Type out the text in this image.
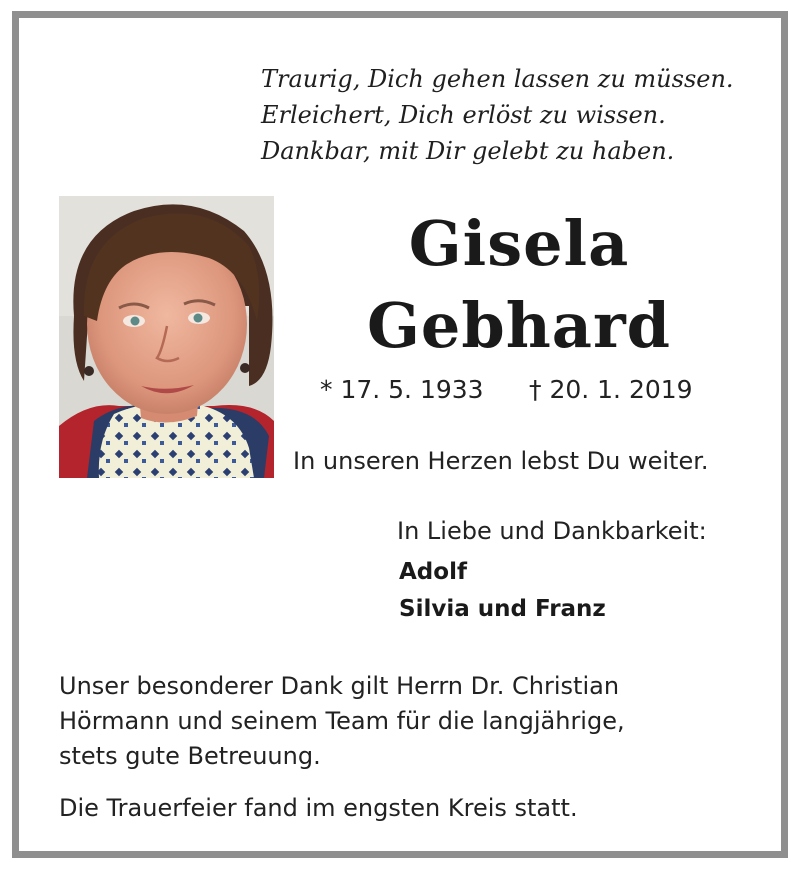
Traurig, Dich gehen lassen zu müssen.
Erleichert, Dich erlöst zu wissen.
Dankbar, mit Dir gelebt zu haben.
Gisela
Gebhard
* 17. 5. 1933 † 20. 1. 2019
In unseren Herzen lebst Du weiter.
In Liebe und Dankbarkeit:
Adolf
Silvia und Franz
Unser besonderer Dank gilt Herrn Dr. Christian
Hörmann und seinem Team für die langjährige,
stets gute Betreuung.
Die Trauerfeier fand im engsten Kreis statt.
